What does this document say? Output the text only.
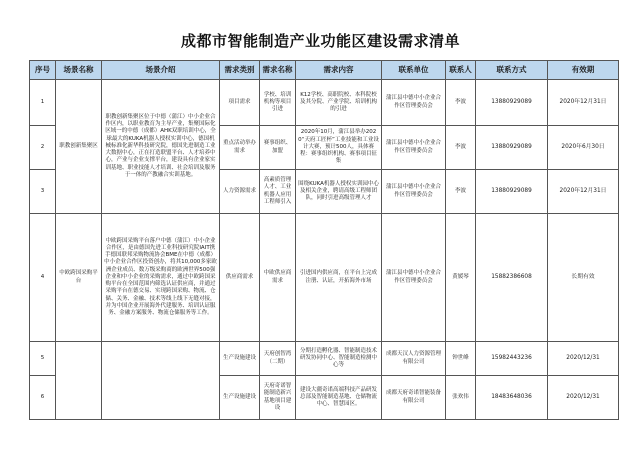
成都市智能制造产业功能区建设需求清单
序号	场景名称	场景介绍	需求类别	需求名称	需求内容	联系单位	联系人	联系方式	有效期
1	职教创新集聚区	职教创新集聚区位于中德（蒲江）中小企业合作区内，以职业教育为主导产业，集聚国际化区域一的中德（成都）AHK双职培训中心，全球最大的KUKA机器人授权实训中心，德国机械标准化新华科技研究院，德国先进制造工业大数据中心，正在打造联盟平台、人才培养中心，产业与企业支撑平台，建设具有企业家实训基地、职业技能人才培训、社会培训及服务于一体的产教融合实训基地。	项目需求	学校、培训机构等项目引进	K12学校、高职院校、本科院校及其分院、产业学院、培训机构的引进	蒲江县中德中小企业合作区管理委员会	李波	13880929089	2020年12月31日
2			重点活动举办需求	赛事组织、加盟	2020年10月，蒲江县举办2020“天府工匠杯”工业技能和工业设计大赛，预计500人，具体赛程：赛事组织机构、赛事项目征集	蒲江县中德中小企业合作区管理委员会	李波	13880929089	2020年6月30日
3			人力资源需求	高素质管理人才、工业机器人应用工程师引入	围绕KUKA机器人授权实训园中心及相关企业，聘请高级工程师团队，同时引进高级管理人才	蒲江县中德中小企业合作区管理委员会	李波	13880929089	2020年12月31日
4	中欧跨国采购平台	中欧跨国采购平台落户中德（蒲江）中小企业合作区，是由德国先进工业科技研究院IAIT携手德国联邦采购物流协会BME在中德（成都）中小企业合作区投资创办，将其10,000多家欧洲企业成员、数万级采购商的欧洲世界500强企业和中小企业的采购需求，通过中欧跨国采购平台在全国范围内筛选认证供应商，并通过采购平台在德交易、实现跨国采购、物流、仓储、关务、金融、技术等线上线下无缝对接，并为中国企业开展海外代建服务、培训认证服务、金融方案服务、物流仓储服务等工作。	供应商需求	中欧供应商需求	引进国内供应商，在平台上完成注册、认证，开拓海外市场	蒲江县中德中小企业合作区管理委员会	黄媛琴	15882386608	长期有效
5			生产设施建设	天府创智湾（二期）	分期打造孵化器、智能制造技术研发协同中心、智能制造检测中心等	成都天汉人力资源管理有限公司	钟世峰	15982443236	2020/12/31
6			生产设施建设	天府奇诺智能制造新兴基地项目建设	建设大疆奇诺高端科技产品研发总部及智能制造基地、仓储物流中心、智慧园区。	成都天府奇诺智能装备有限公司	张欢伟	18483648036	2020/12/31
